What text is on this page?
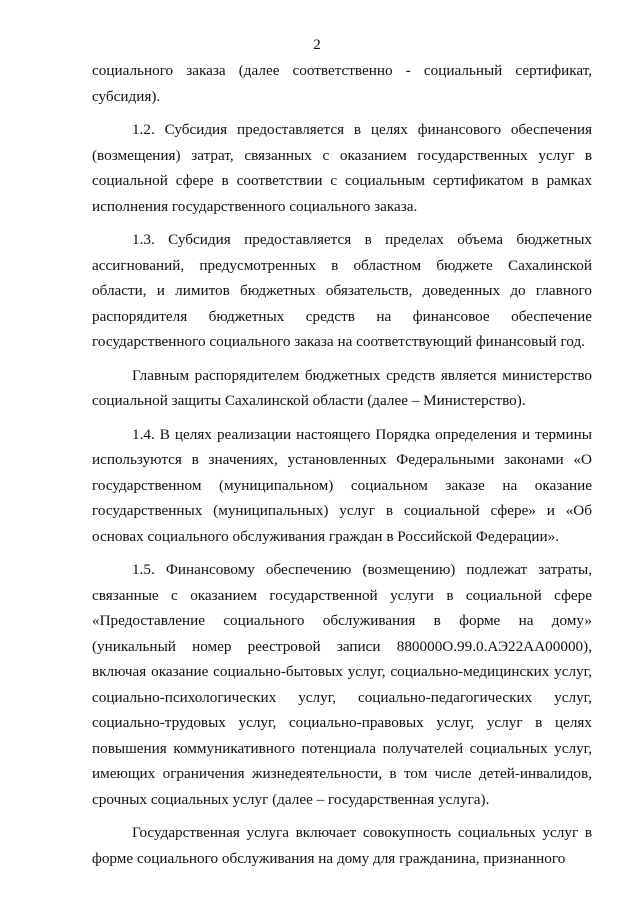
2

социального заказа (далее соответственно - социальный сертификат, субсидия).

1.2. Субсидия предоставляется в целях финансового обеспечения (возмещения) затрат, связанных с оказанием государственных услуг в социальной сфере в соответствии с социальным сертификатом в рамках исполнения государственного социального заказа.

1.3. Субсидия предоставляется в пределах объема бюджетных ассигнований, предусмотренных в областном бюджете Сахалинской области, и лимитов бюджетных обязательств, доведенных до главного распорядителя бюджетных средств на финансовое обеспечение государственного социального заказа на соответствующий финансовый год.

Главным распорядителем бюджетных средств является министерство социальной защиты Сахалинской области (далее – Министерство).

1.4. В целях реализации настоящего Порядка определения и термины используются в значениях, установленных Федеральными законами «О государственном (муниципальном) социальном заказе на оказание государственных (муниципальных) услуг в социальной сфере» и «Об основах социального обслуживания граждан в Российской Федерации».

1.5. Финансовому обеспечению (возмещению) подлежат затраты, связанные с оказанием государственной услуги в социальной сфере «Предоставление социального обслуживания в форме на дому» (уникальный номер реестровой записи 880000О.99.0.АЭ22АА00000), включая оказание социально-бытовых услуг, социально-медицинских услуг, социально-психологических услуг, социально-педагогических услуг, социально-трудовых услуг, социально-правовых услуг, услуг в целях повышения коммуникативного потенциала получателей социальных услуг, имеющих ограничения жизнедеятельности, в том числе детей-инвалидов, срочных социальных услуг (далее – государственная услуга).

Государственная услуга включает совокупность социальных услуг в форме социального обслуживания на дому для гражданина, признанного
